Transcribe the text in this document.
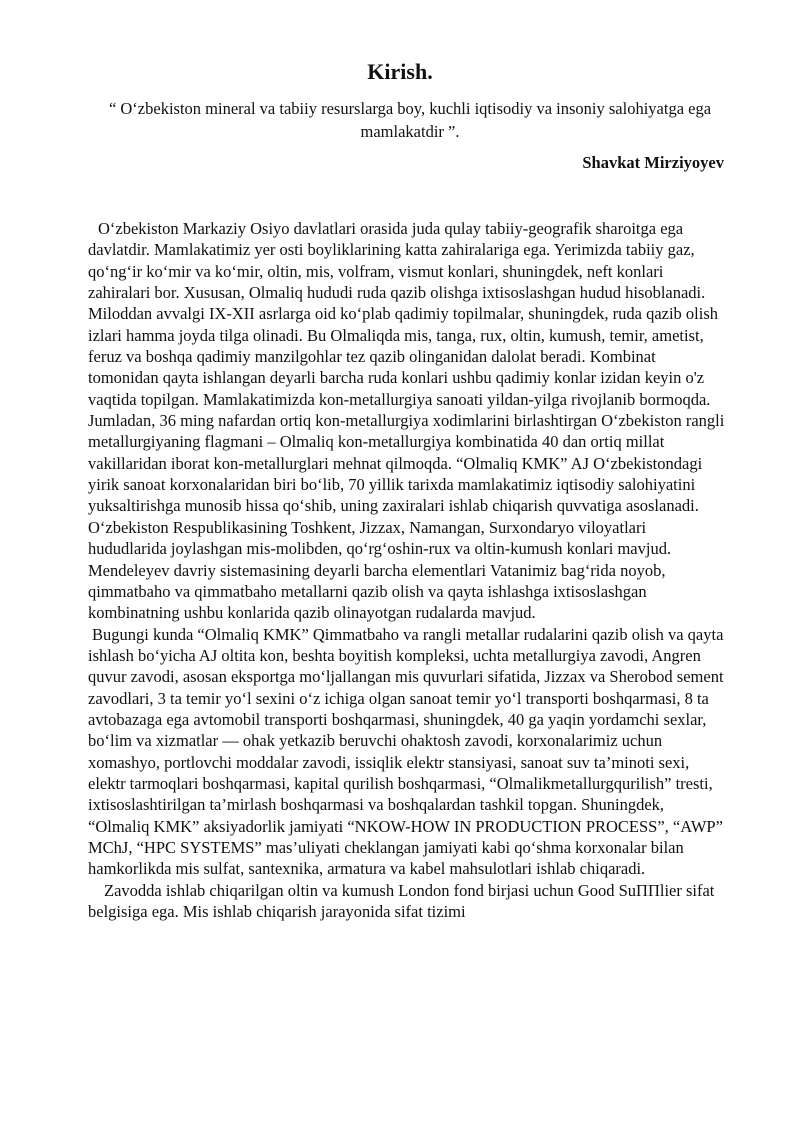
Kirish.

“ O‘zbekiston mineral va tabiiy resurslarga boy, kuchli iqtisodiy va insoniy salohiyatga ega mamlakatdir ”.

Shavkat Mirziyoyev

O‘zbekiston Markaziy Osiyo davlatlari orasida juda qulay tabiiy-geografik sharoitga ega davlatdir. Mamlakatimiz yer osti boyliklarining katta zahiralariga ega. Yerimizda tabiiy gaz, qo‘ng‘ir ko‘mir va ko‘mir, oltin, mis, volfram, vismut konlari, shuningdek, neft konlari zahiralari bor. Xususan, Olmaliq hududi ruda qazib olishga ixtisoslashgan hudud hisoblanadi. Miloddan avvalgi IX-XII asrlarga oid ko‘plab qadimiy topilmalar, shuningdek, ruda qazib olish izlari hamma joyda tilga olinadi. Bu Olmaliqda mis, tanga, rux, oltin, kumush, temir, ametist, feruz va boshqa qadimiy manzilgohlar tez qazib olinganidan dalolat beradi. Kombinat tomonidan qayta ishlangan deyarli barcha ruda konlari ushbu qadimiy konlar izidan keyin o'z vaqtida topilgan. Mamlakatimizda kon-metallurgiya sanoati yildan-yilga rivojlanib bormoqda. Jumladan, 36 ming nafardan ortiq kon-metallurgiya xodimlarini birlashtirgan O‘zbekiston rangli metallurgiyaning flagmani – Olmaliq kon-metallurgiya kombinatida 40 dan ortiq millat vakillaridan iborat kon-metallurglari mehnat qilmoqda. “Olmaliq KMK” AJ O‘zbekistondagi yirik sanoat korxonalaridan biri bo‘lib, 70 yillik tarixda mamlakatimiz iqtisodiy salohiyatini yuksaltirishga munosib hissa qo‘shib, uning zaxiralari ishlab chiqarish quvvatiga asoslanadi. O‘zbekiston Respublikasining Toshkent, Jizzax, Namangan, Surxondaryo viloyatlari hududlarida joylashgan mis-molibden, qo‘rg‘oshin-rux va oltin-kumush konlari mavjud. Mendeleyev davriy sistemasining deyarli barcha elementlari Vatanimiz bag‘rida noyob, qimmatbaho va qimmatbaho metallarni qazib olish va qayta ishlashga ixtisoslashgan kombinatning ushbu konlarida qazib olinayotgan rudalarda mavjud.

Bugungi kunda “Olmaliq KMK” Qimmatbaho va rangli metallar rudalarini qazib olish va qayta ishlash bo‘yicha AJ oltita kon, beshta boyitish kompleksi, uchta metallurgiya zavodi, Angren quvur zavodi, asosan eksportga mo‘ljallangan mis quvurlari sifatida, Jizzax va Sherobod sement zavodlari, 3 ta temir yo‘l sexini o‘z ichiga olgan sanoat temir yo‘l transporti boshqarmasi, 8 ta avtobazaga ega avtomobil transporti boshqarmasi, shuningdek, 40 ga yaqin yordamchi sexlar, bo‘lim va xizmatlar — ohak yetkazib beruvchi ohaktosh zavodi, korxonalarimiz uchun xomashyo, portlovchi moddalar zavodi, issiqlik elektr stansiyasi, sanoat suv ta’minoti sexi, elektr tarmoqlari boshqarmasi, kapital qurilish boshqarmasi, “Olmalikmetallurgqurilish” tresti, ixtisoslashtirilgan ta’mirlash boshqarmasi va boshqalardan tashkil topgan. Shuningdek, “Olmaliq KMK” aksiyadorlik jamiyati “NKOW-HOW IN PRODUCTION PROCESS”, “AWP” MChJ, “HPC SYSTEMS” mas’uliyati cheklangan jamiyati kabi qo‘shma korxonalar bilan hamkorlikda mis sulfat, santexnika, armatura va kabel mahsulotlari ishlab chiqaradi.

Zavodda ishlab chiqarilgan oltin va kumush London fond birjasi uchun Good SuППlier sifat belgisiga ega. Mis ishlab chiqarish jarayonida sifat tizimi
